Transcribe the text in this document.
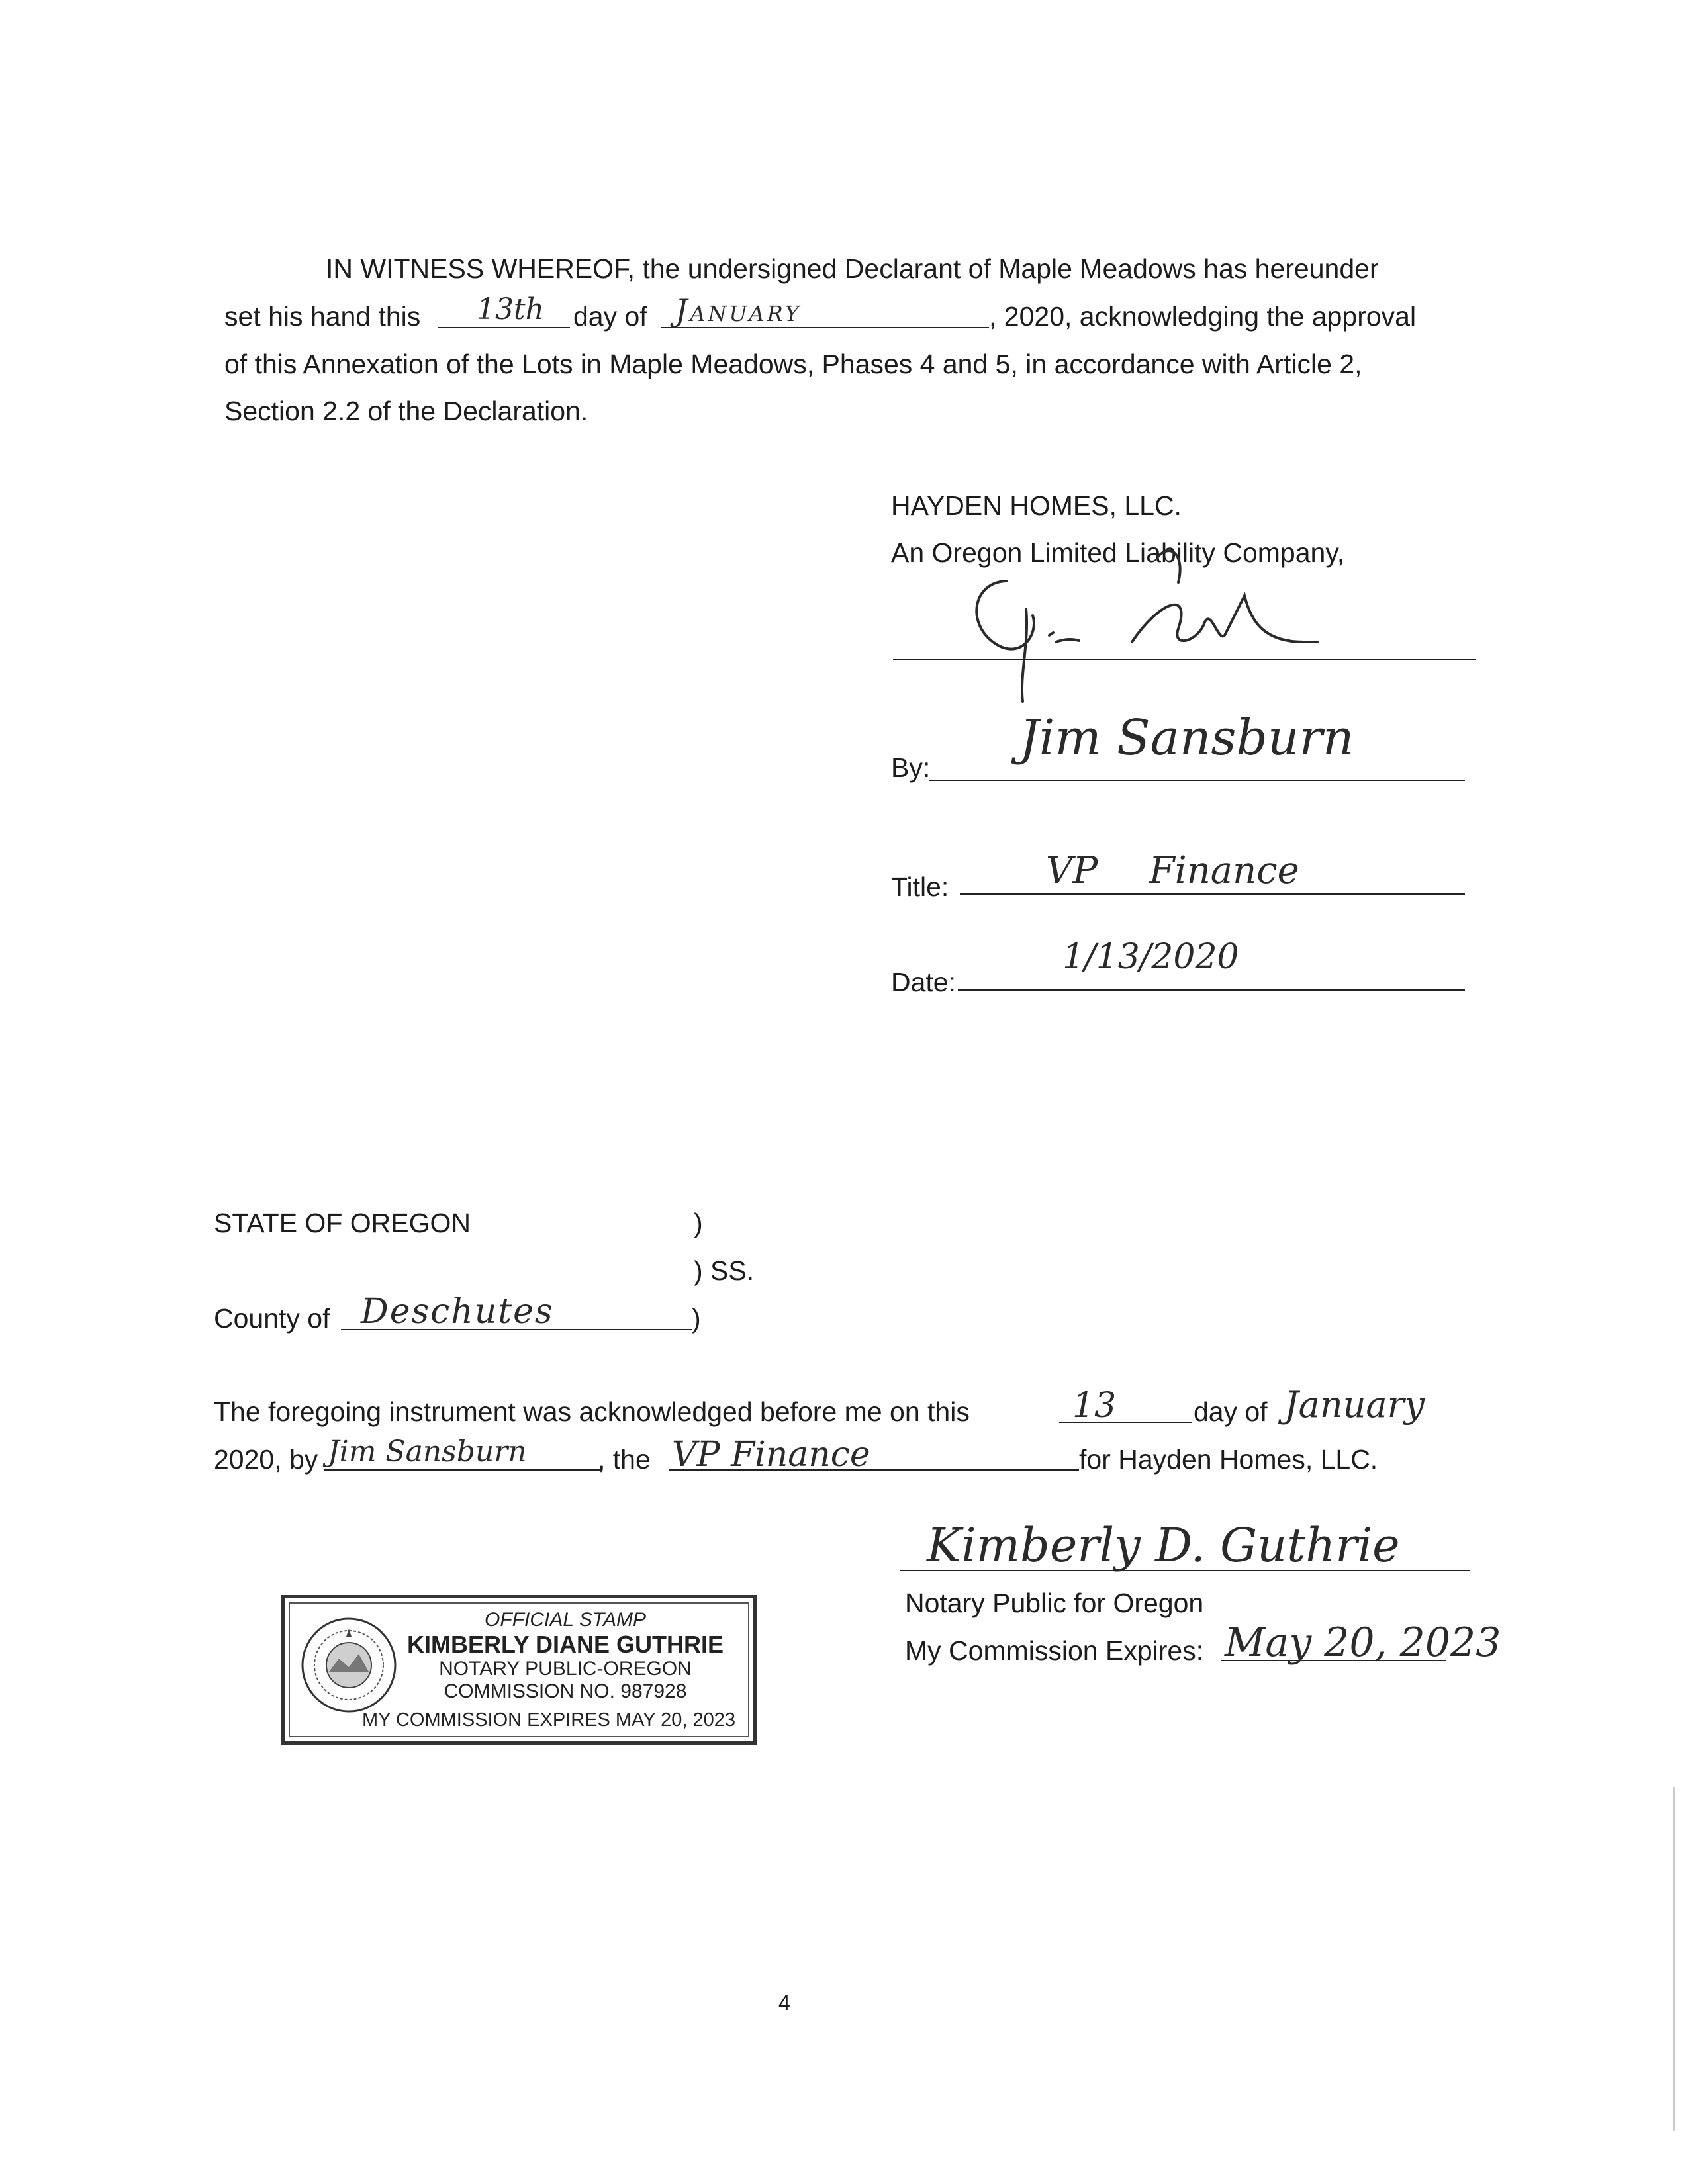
IN WITNESS WHEREOF, the undersigned Declarant of Maple Meadows has hereunder
set his hand this 13th day of January	, 2020, acknowledging the approval
of this Annexation of the Lots in Maple Meadows, Phases 4 and 5, in accordance with Article 2,
Section 2.2 of the Declaration.
HAYDEN HOMES, LLC.
An Oregon Limited Liability Company,
By:
Jim Sansburn
Title:	VP Finance
Date:
1/13/2020
STATE OF OREGON	)
) SS.
County of Deschutes	)
The foregoing instrument was acknowledged before me on this	13	day of January
2020, by Jim Sansburn	, the VP Finance	for Hayden Homes, LLC.
Kimberly D. Guthrie
Notary Public for Oregon
My Commission Expires: May 20, 2023
OFFICIAL STAMP
KIMBERLY DIANE GUTHRIE
NOTARY PUBLIC-OREGON
COMMISSION NO. 987928
MY COMMISSION EXPIRES MAY 20, 2023
4
